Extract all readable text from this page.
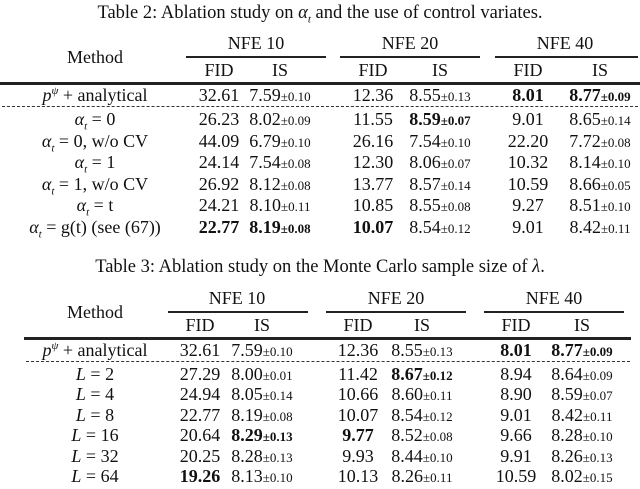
Table 2: Ablation study on $\alpha_t$ and the use of control variates.
Method
NFE 10	NFE 20	NFE 40
FID	IS	FID	IS	FID	IS
$p^\psi$ + analytical	32.61 7.59±0.10	12.36 8.55±0.13	8.01	8.77±0.09
$\alpha_t = 0$	26.23 8.02±0.09	11.55 8.59±0.07	9.01	8.65±0.14
$\alpha_t = 0$, w/o CV	44.09 6.79±0.10	26.16 7.54±0.10	22.20	7.72±0.08
$\alpha_t = 1$	24.14 7.54±0.08	12.30 8.06±0.07	10.32	8.14±0.10
$\alpha_t = 1$, w/o CV	26.92 8.12±0.08	13.77 8.57±0.14	10.59	8.66±0.05
$\alpha_t = t$	24.21 8.10±0.11	10.85 8.55±0.08	9.27	8.51±0.10
$\alpha_t = g(t)$ (see (67))	22.77 8.19±0.08	10.07 8.54±0.12	9.01	8.42±0.11
Table 3: Ablation study on the Monte Carlo sample size of λ.
Method
NFE 10	NFE 20	NFE 40
FID	IS	FID	IS	FID	IS
$p^\psi$ + analytical	32.61 7.59±0.10	12.36 8.55±0.13	8.01	8.77±0.09
L = 2	27.29 8.00±0.01	11.42 8.67±0.12	8.94	8.64±0.09
L = 4	24.94 8.05±0.14	10.66 8.60±0.11	8.90	8.59±0.07
L = 8	22.77 8.19±0.08	10.07 8.54±0.12	9.01	8.42±0.11
L = 16	20.64 8.29±0.13	9.77 8.52±0.08	9.66	8.28±0.10
L = 32	20.25 8.28±0.13	9.93 8.44±0.10	9.91	8.26±0.13
L = 64	19.26 8.13±0.10	10.13 8.26±0.11	10.59 8.02±0.15
